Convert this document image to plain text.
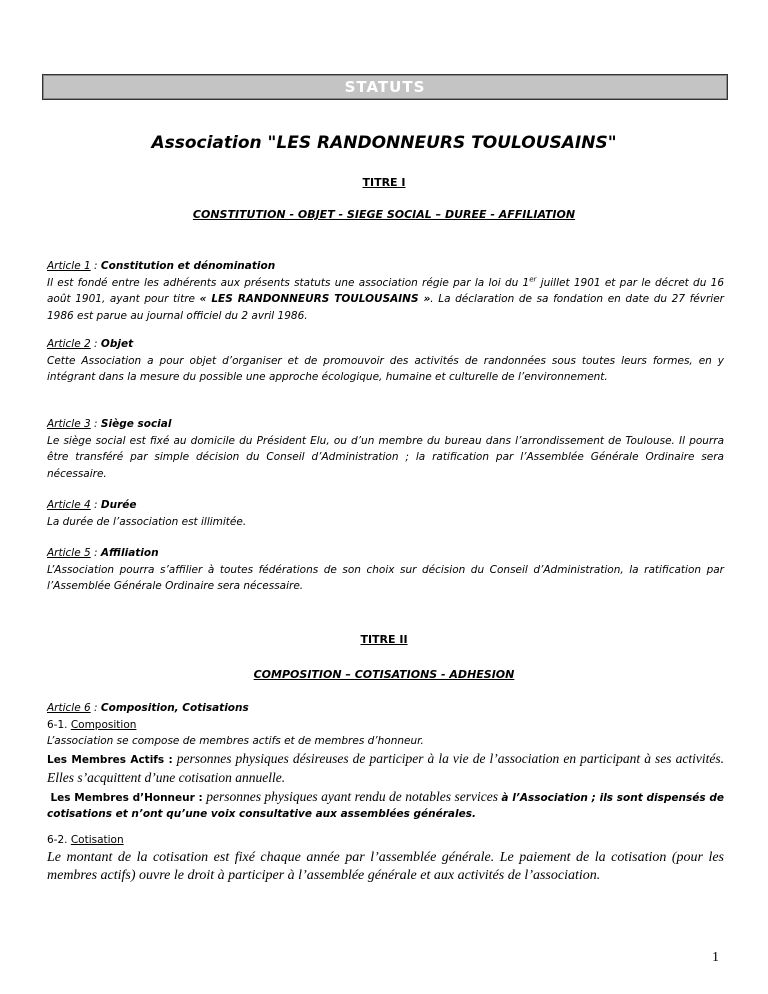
STATUTS
Association "LES RANDONNEURS TOULOUSAINS"
TITRE I
CONSTITUTION - OBJET - SIEGE SOCIAL – DUREE - AFFILIATION
Article 1 : Constitution et dénomination

Il est fondé entre les adhérents aux présents statuts une association régie par la loi du 1er juillet 1901 et par le décret du 16 août 1901, ayant pour titre « LES RANDONNEURS TOULOUSAINS ». La déclaration de sa fondation en date du 27 février 1986 est parue au journal officiel du 2 avril 1986.

Article 2 : Objet

Cette Association a pour objet d’organiser et de promouvoir des activités de randonnées sous toutes leurs formes, en y intégrant dans la mesure du possible une approche écologique, humaine et culturelle de l’environnement.

Article 3 : Siège social

Le siège social est fixé au domicile du Président Elu, ou d’un membre du bureau dans l’arrondissement de Toulouse. Il pourra être transféré par simple décision du Conseil d’Administration ; la ratification par l’Assemblée Générale Ordinaire sera nécessaire.

Article 4 : Durée

La durée de l’association est illimitée.

Article 5 : Affiliation

L’Association pourra s’affilier à toutes fédérations de son choix sur décision du Conseil d’Administration, la ratification par l’Assemblée Générale Ordinaire sera nécessaire.

TITRE II
COMPOSITION – COTISATIONS - ADHESION
Article 6 : Composition, Cotisations
6-1. Composition

L’association se compose de membres actifs et de membres d’honneur.

Les Membres Actifs : personnes physiques désireuses de participer à la vie de l’association en participant à ses activités. Elles s’acquittent d’une cotisation annuelle.

Les Membres d’Honneur : personnes physiques ayant rendu de notables services à l’Association ; ils sont dispensés de cotisations et n’ont qu’une voix consultative aux assemblées générales.

6-2. Cotisation

Le montant de la cotisation est fixé chaque année par l’assemblée générale. Le paiement de la cotisation (pour les membres actifs) ouvre le droit à participer à l’assemblée générale et aux activités de l’association.

1
